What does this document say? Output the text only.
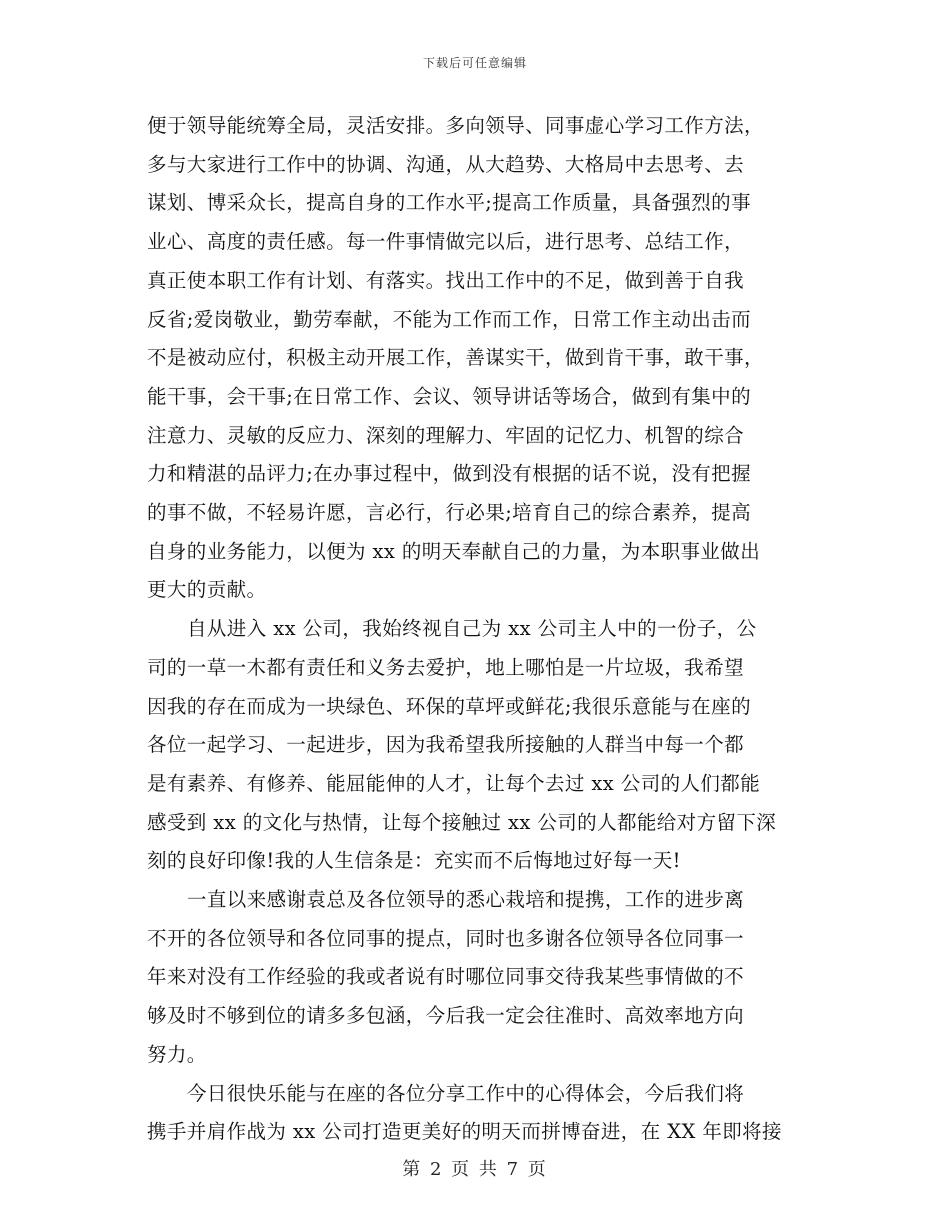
下载后可任意编辑
便于领导能统筹全局，灵活安排。多向领导、同事虚心学习工作方法，
多与大家进行工作中的协调、沟通，从大趋势、大格局中去思考、去
谋划、博采众长，提高自身的工作水平;提高工作质量，具备强烈的事
业心、高度的责任感。每一件事情做完以后，进行思考、总结工作，
真正使本职工作有计划、有落实。找出工作中的不足，做到善于自我
反省;爱岗敬业，勤劳奉献，不能为工作而工作，日常工作主动出击而
不是被动应付，积极主动开展工作，善谋实干，做到肯干事，敢干事，
能干事，会干事;在日常工作、会议、领导讲话等场合，做到有集中的
注意力、灵敏的反应力、深刻的理解力、牢固的记忆力、机智的综合
力和精湛的品评力;在办事过程中，做到没有根据的话不说，没有把握
的事不做，不轻易许愿，言必行，行必果;培育自己的综合素养，提高
自身的业务能力，以便为 xx 的明天奉献自己的力量，为本职事业做出
更大的贡献。
自从进入 xx 公司，我始终视自己为 xx 公司主人中的一份子，公
司的一草一木都有责任和义务去爱护，地上哪怕是一片垃圾，我希望
因我的存在而成为一块绿色、环保的草坪或鲜花;我很乐意能与在座的
各位一起学习、一起进步，因为我希望我所接触的人群当中每一个都
是有素养、有修养、能屈能伸的人才，让每个去过 xx 公司的人们都能
感受到 xx 的文化与热情，让每个接触过 xx 公司的人都能给对方留下深
刻的良好印像!我的人生信条是：充实而不后悔地过好每一天!
一直以来感谢袁总及各位领导的悉心栽培和提携，工作的进步离
不开的各位领导和各位同事的提点，同时也多谢各位领导各位同事一
年来对没有工作经验的我或者说有时哪位同事交待我某些事情做的不
够及时不够到位的请多多包涵，今后我一定会往准时、高效率地方向
努力。
今日很快乐能与在座的各位分享工作中的心得体会，今后我们将
携手并肩作战为 xx 公司打造更美好的明天而拼博奋进，在 XX 年即将接
第 2 页 共 7 页
